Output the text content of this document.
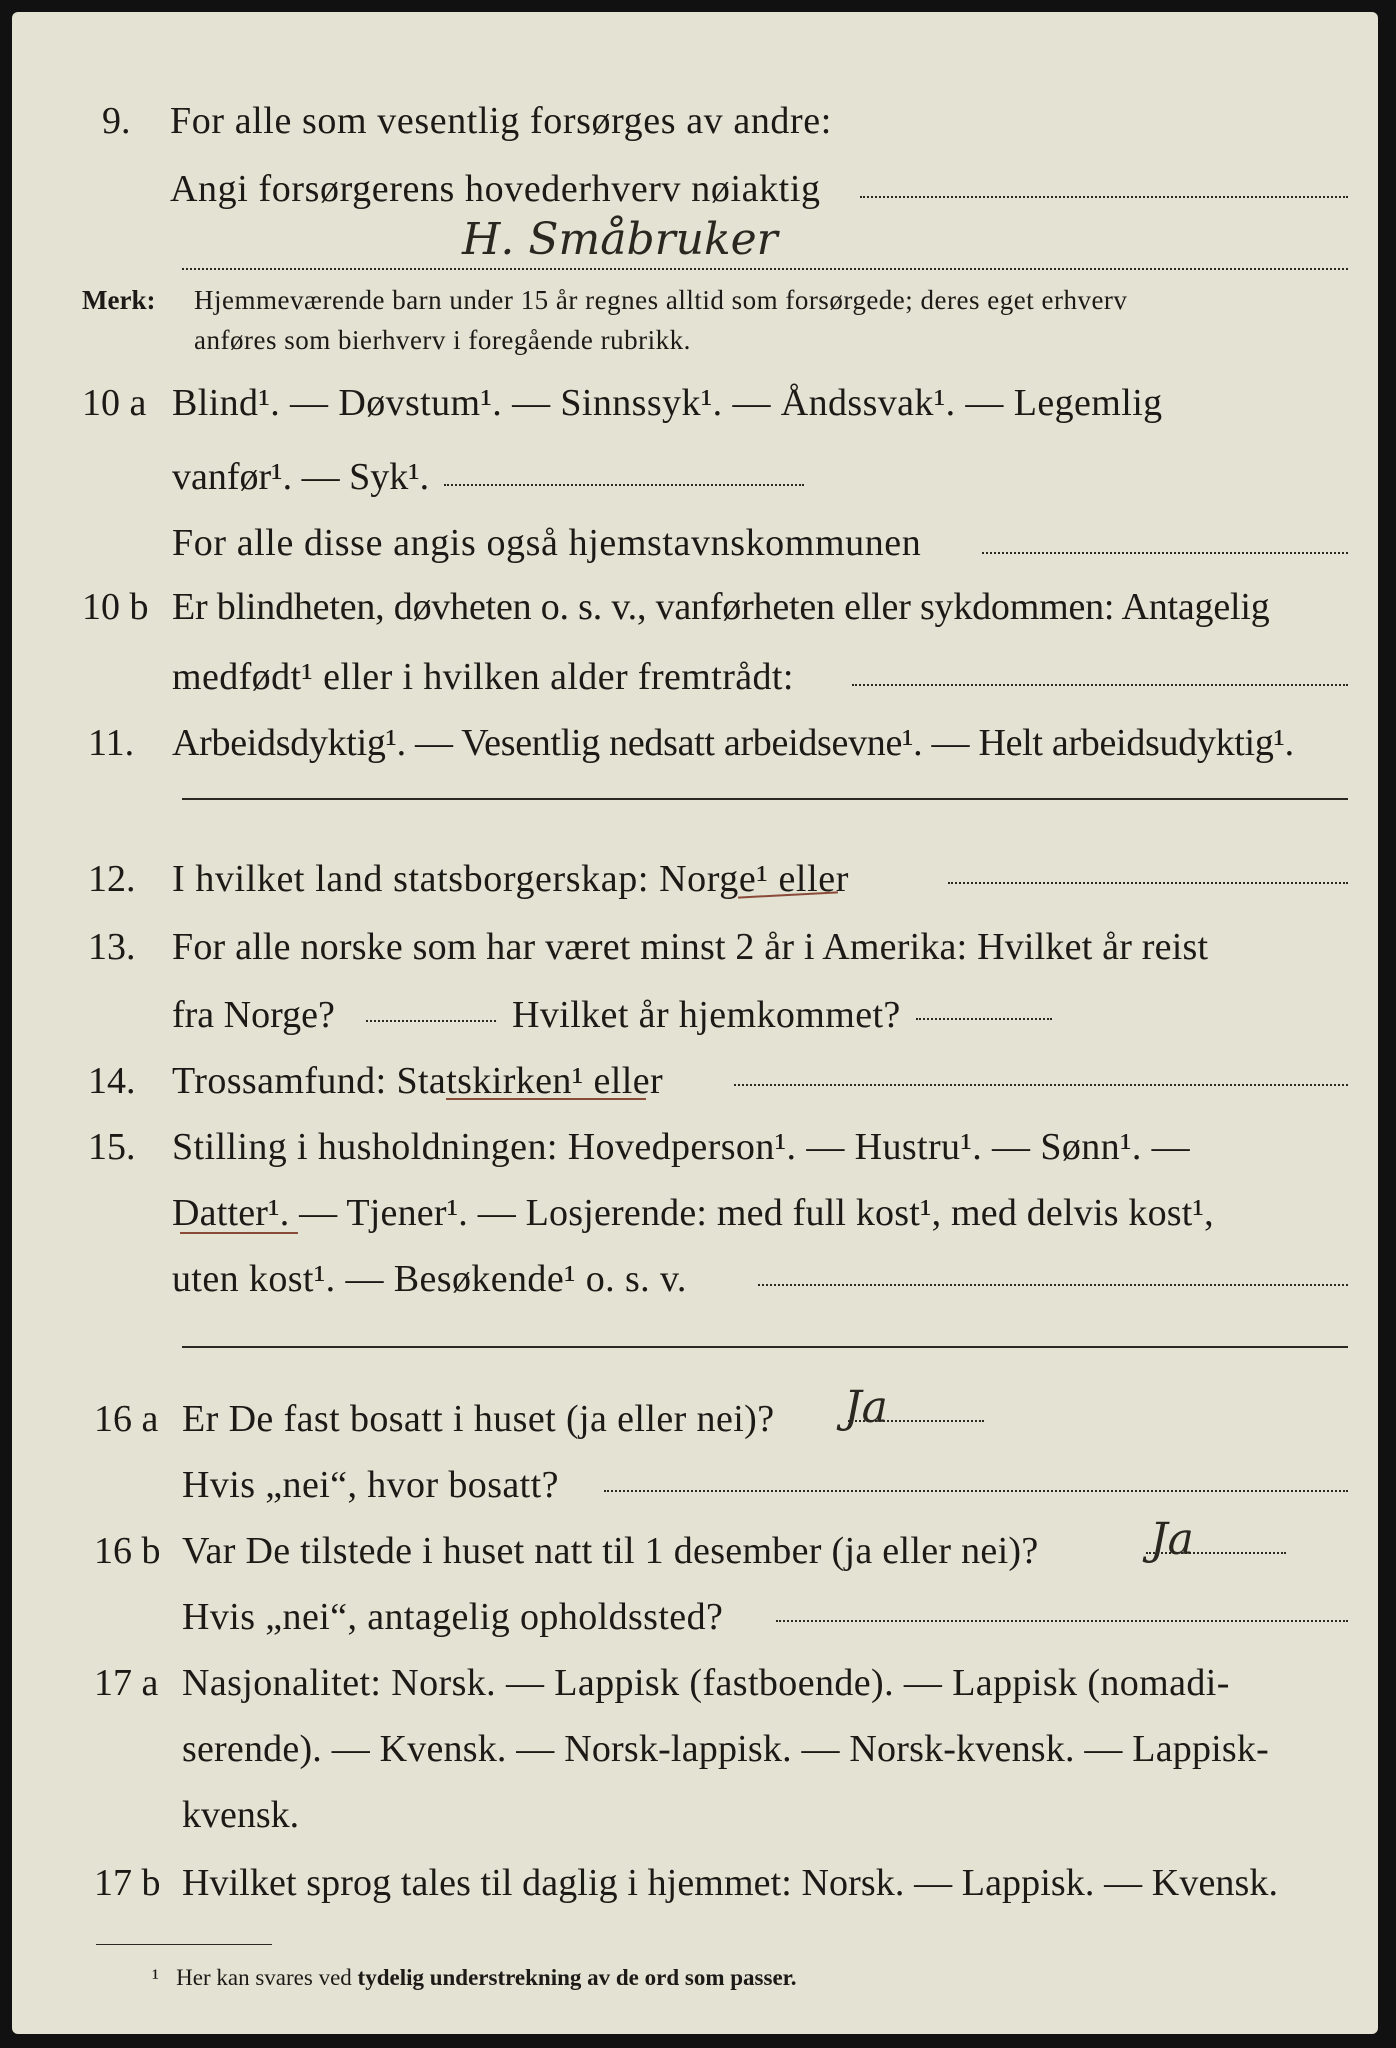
9. For alle som vesentlig forsørges av andre:
Angi forsørgerens hovederhverv nøiaktig
H. Småbruker
Merk: Hjemmeværende barn under 15 år regnes alltid som forsørgede; deres eget erhverv
anføres som bierhverv i foregående rubrikk.
10 a Blind¹. — Døvstum¹. — Sinnssyk¹. — Åndssvak¹. — Legemlig
vanfør¹. — Syk¹.
For alle disse angis også hjemstavnskommunen
10 b Er blindheten, døvheten o. s. v., vanførheten eller sykdommen: Antagelig
medfødt¹ eller i hvilken alder fremtrådt:
11. Arbeidsdyktig¹. — Vesentlig nedsatt arbeidsevne¹. — Helt arbeidsudyktig¹.
12. I hvilket land statsborgerskap: Norge¹ eller
13. For alle norske som har været minst 2 år i Amerika: Hvilket år reist
fra Norge?	Hvilket år hjemkommet?
14. Trossamfund: Statskirken¹ eller
15. Stilling i husholdningen: Hovedperson¹. — Hustru¹. — Sønn¹. —
Datter¹. — Tjener¹. — Losjerende: med full kost¹, med delvis kost¹,
uten kost¹. — Besøkende¹ o. s. v.
16 a Er De fast bosatt i huset (ja eller nei)? Ja
Hvis „nei“, hvor bosatt?
16 b Var De tilstede i huset natt til 1 desember (ja eller nei)?	Ja
Hvis „nei“, antagelig opholdssted?
17 a Nasjonalitet: Norsk. — Lappisk (fastboende). — Lappisk (nomadi-
serende). — Kvensk. — Norsk-lappisk. — Norsk-kvensk. — Lappisk-
kvensk.
17 b Hvilket sprog tales til daglig i hjemmet: Norsk. — Lappisk. — Kvensk.
¹ Her kan svares ved tydelig understrekning av de ord som passer.
